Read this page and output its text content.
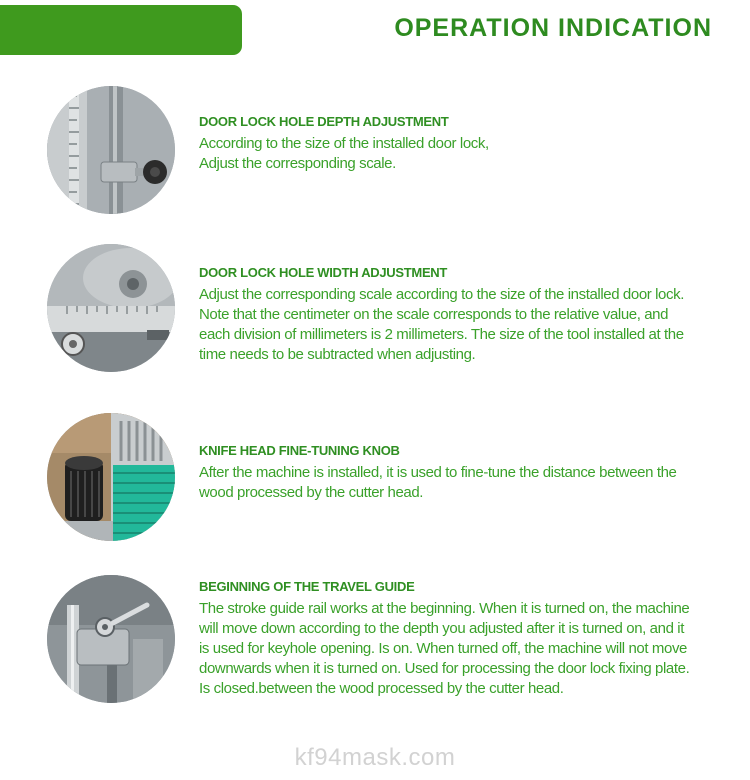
OPERATION INDICATION
DOOR LOCK HOLE DEPTH ADJUSTMENT
According to the size of the installed door lock,
Adjust the corresponding scale.
DOOR LOCK HOLE WIDTH ADJUSTMENT
Adjust the corresponding scale according to the size of the installed door lock.
Note that the centimeter on the scale corresponds to the relative value, and
each division of millimeters is 2 millimeters. The size of the tool installed at the
time needs to be subtracted when adjusting.
KNIFE HEAD FINE-TUNING KNOB
After the machine is installed, it is used to fine-tune the distance between the
wood processed by the cutter head.
BEGINNING OF THE TRAVEL GUIDE
The stroke guide rail works at the beginning. When it is turned on, the machine
will move down according to the depth you adjusted after it is turned on, and it
is used for keyhole opening. Is on. When turned off, the machine will not move
downwards when it is turned on. Used for processing the door lock fixing plate.
Is closed.between the wood processed by the cutter head.
kf94mask.com
